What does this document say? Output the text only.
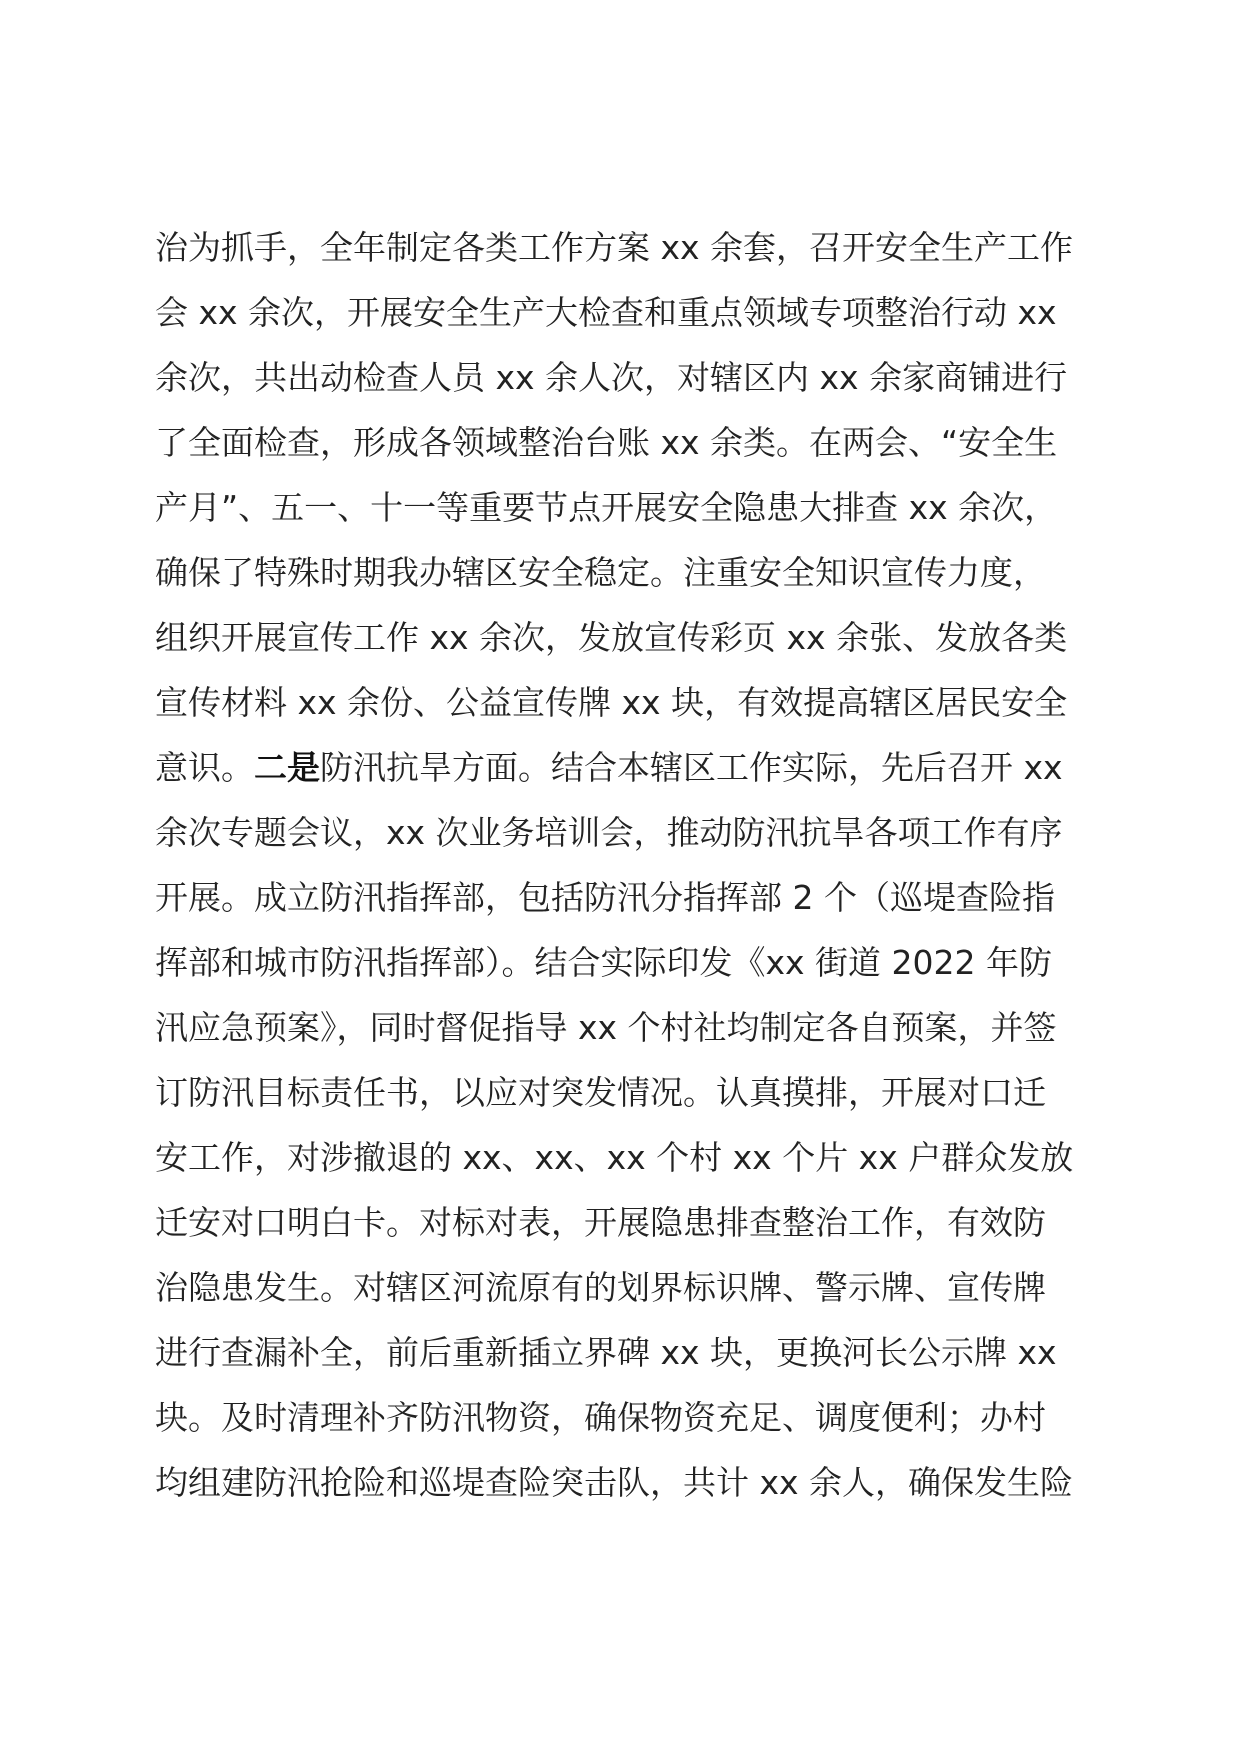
治为抓手，全年制定各类工作方案 xx 余套，召开安全生产工作
会 xx 余次，开展安全生产大检查和重点领域专项整治行动 xx
余次，共出动检查人员 xx 余人次，对辖区内 xx 余家商铺进行
了全面检查，形成各领域整治台账 xx 余类。在两会、“安全生
产月”、五一、十一等重要节点开展安全隐患大排查 xx 余次，
确保了特殊时期我办辖区安全稳定。注重安全知识宣传力度，
组织开展宣传工作 xx 余次，发放宣传彩页 xx 余张、发放各类
宣传材料 xx 余份、公益宣传牌 xx 块，有效提高辖区居民安全
意识。二是防汛抗旱方面。结合本辖区工作实际，先后召开 xx
余次专题会议，xx 次业务培训会，推动防汛抗旱各项工作有序
开展。成立防汛指挥部，包括防汛分指挥部 2 个（巡堤查险指
挥部和城市防汛指挥部）。结合实际印发《xx 街道 2022 年防
汛应急预案》，同时督促指导 xx 个村社均制定各自预案，并签
订防汛目标责任书，以应对突发情况。认真摸排，开展对口迁
安工作，对涉撤退的 xx、xx、xx 个村 xx 个片 xx 户群众发放
迁安对口明白卡。对标对表，开展隐患排查整治工作，有效防
治隐患发生。对辖区河流原有的划界标识牌、警示牌、宣传牌
进行查漏补全，前后重新插立界碑 xx 块，更换河长公示牌 xx
块。及时清理补齐防汛物资，确保物资充足、调度便利；办村
均组建防汛抢险和巡堤查险突击队，共计 xx 余人，确保发生险
